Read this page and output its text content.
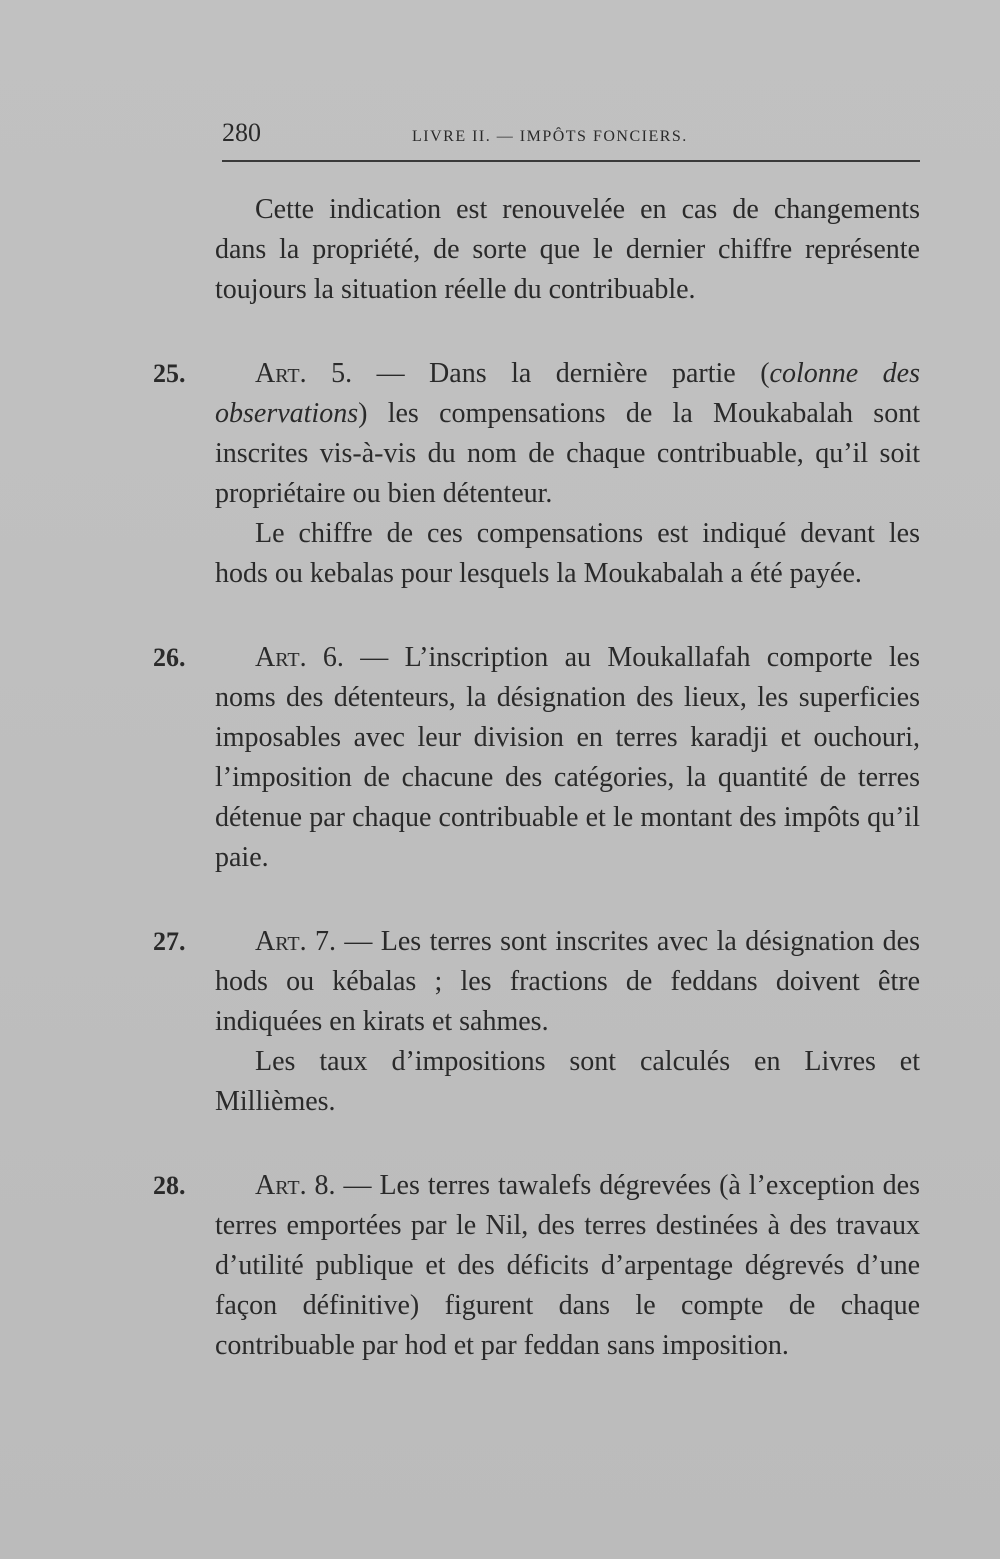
280	LIVRE II. — IMPÔTS FONCIERS.

Cette indication est renouvelée en cas de changements dans la propriété, de sorte que le dernier chiffre représente toujours la situation réelle du contribuable.

25.	Art. 5. — Dans la dernière partie (colonne des observations) les compensations de la Moukabalah sont inscrites vis-à-vis du nom de chaque contribuable, qu’il soit propriétaire ou bien détenteur.

Le chiffre de ces compensations est indiqué devant les hods ou kebalas pour lesquels la Moukabalah a été payée.

26.	Art. 6. — L’inscription au Moukallafah comporte les noms des détenteurs, la désignation des lieux, les superficies imposables avec leur division en terres karadji et ouchouri, l’imposition de chacune des catégories, la quantité de terres détenue par chaque contribuable et le montant des impôts qu’il paie.

27.	Art. 7. — Les terres sont inscrites avec la désignation des hods ou kébalas ; les fractions de feddans doivent être indiquées en kirats et sahmes.

Les taux d’impositions sont calculés en Livres et Millièmes.

28.	Art. 8. — Les terres tawalefs dégrevées (à l’exception des terres emportées par le Nil, des terres destinées à des travaux d’utilité publique et des déficits d’arpentage dégrevés d’une façon définitive) figurent dans le compte de chaque contribuable par hod et par feddan sans imposition.
